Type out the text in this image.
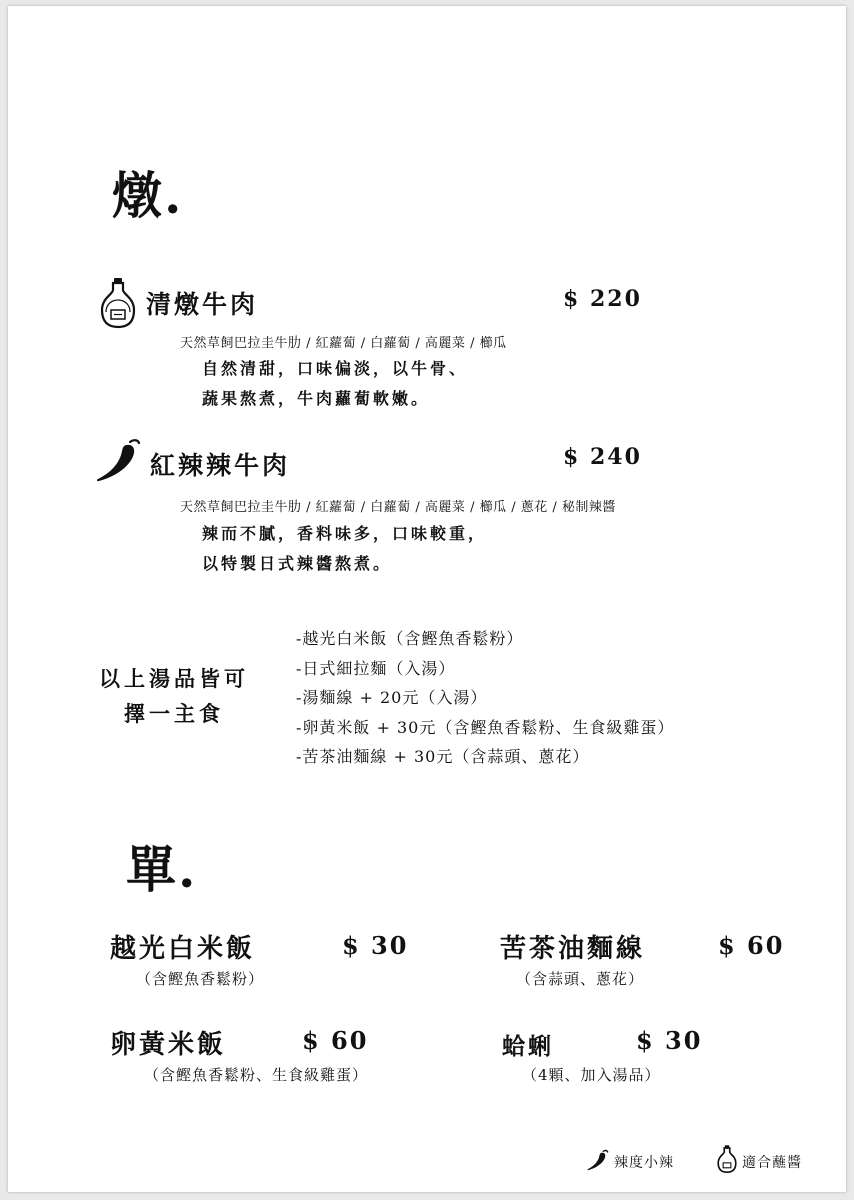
燉.
清燉牛肉	$ 220
天然草飼巴拉圭牛肋 / 紅蘿蔔 / 白蘿蔔 / 高麗菜 / 櫛瓜
自然清甜，口味偏淡，以牛骨、
蔬果熬煮，牛肉蘿蔔軟嫩。
紅辣辣牛肉	$ 240
天然草飼巴拉圭牛肋 / 紅蘿蔔 / 白蘿蔔 / 高麗菜 / 櫛瓜 / 蔥花 / 秘制辣醬
辣而不膩，香料味多，口味較重，
以特製日式辣醬熬煮。
以上湯品皆可
擇一主食
-越光白米飯（含鰹魚香鬆粉）
-日式細拉麵（入湯）
-湯麵線 + 20元（入湯）
-卵黃米飯 + 30元（含鰹魚香鬆粉、生食級雞蛋）
-苦茶油麵線 + 30元（含蒜頭、蔥花）
單.
越光白米飯	$ 30
（含鰹魚香鬆粉）
苦茶油麵線	$ 60
（含蒜頭、蔥花）
卵黃米飯	$ 60
（含鰹魚香鬆粉、生食級雞蛋）
蛤蜊	$ 30
（4顆、加入湯品）
辣度小辣	適合蘸醬
